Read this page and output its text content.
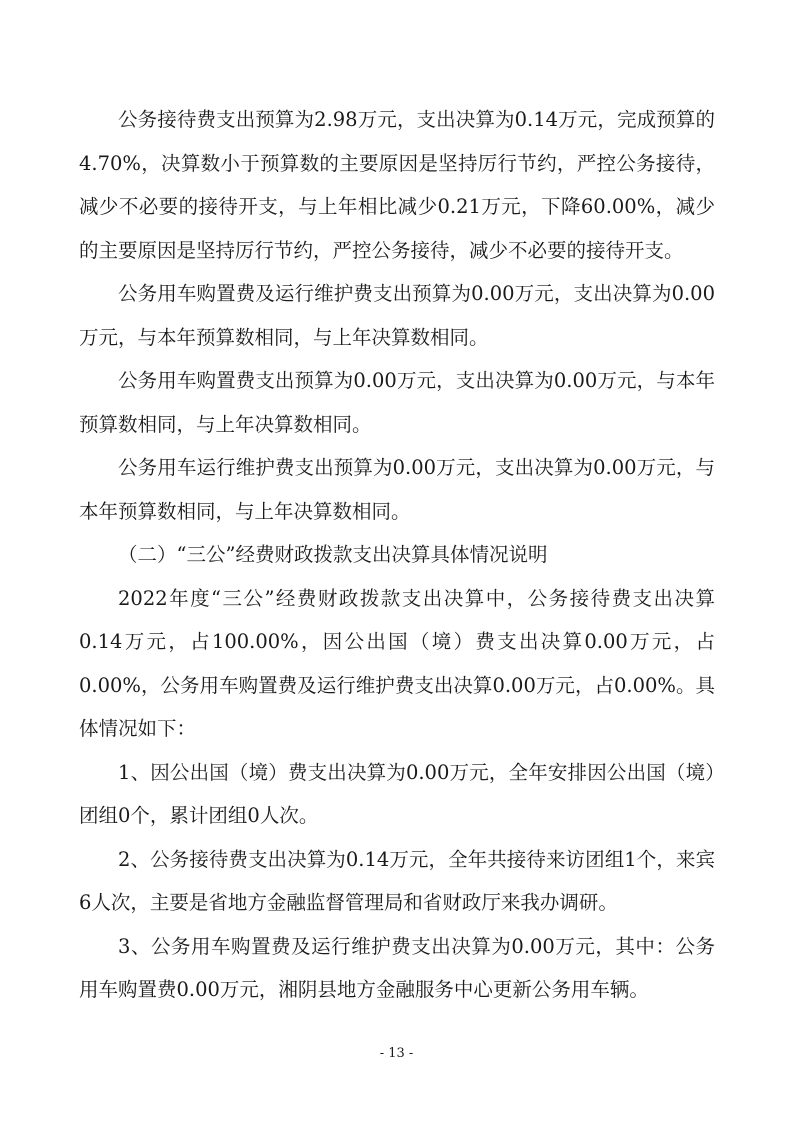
公务接待费支出预算为2.98万元，支出决算为0.14万元，完成预算的4.70%，决算数小于预算数的主要原因是坚持厉行节约，严控公务接待，减少不必要的接待开支，与上年相比减少0.21万元，下降60.00%，减少的主要原因是坚持厉行节约，严控公务接待，减少不必要的接待开支。

公务用车购置费及运行维护费支出预算为0.00万元，支出决算为0.00万元，与本年预算数相同，与上年决算数相同。

公务用车购置费支出预算为0.00万元，支出决算为0.00万元，与本年预算数相同，与上年决算数相同。

公务用车运行维护费支出预算为0.00万元，支出决算为0.00万元，与本年预算数相同，与上年决算数相同。

（二）“三公”经费财政拨款支出决算具体情况说明

2022年度“三公”经费财政拨款支出决算中，公务接待费支出决算0.14万元，占100.00%，因公出国（境）费支出决算0.00万元，占0.00%，公务用车购置费及运行维护费支出决算0.00万元，占0.00%。具体情况如下：

1、因公出国（境）费支出决算为0.00万元，全年安排因公出国（境）团组0个，累计团组0人次。

2、公务接待费支出决算为0.14万元，全年共接待来访团组1个，来宾6人次，主要是省地方金融监督管理局和省财政厅来我办调研。

3、公务用车购置费及运行维护费支出决算为0.00万元，其中：公务用车购置费0.00万元，湘阴县地方金融服务中心更新公务用车辆。

- 13 -
